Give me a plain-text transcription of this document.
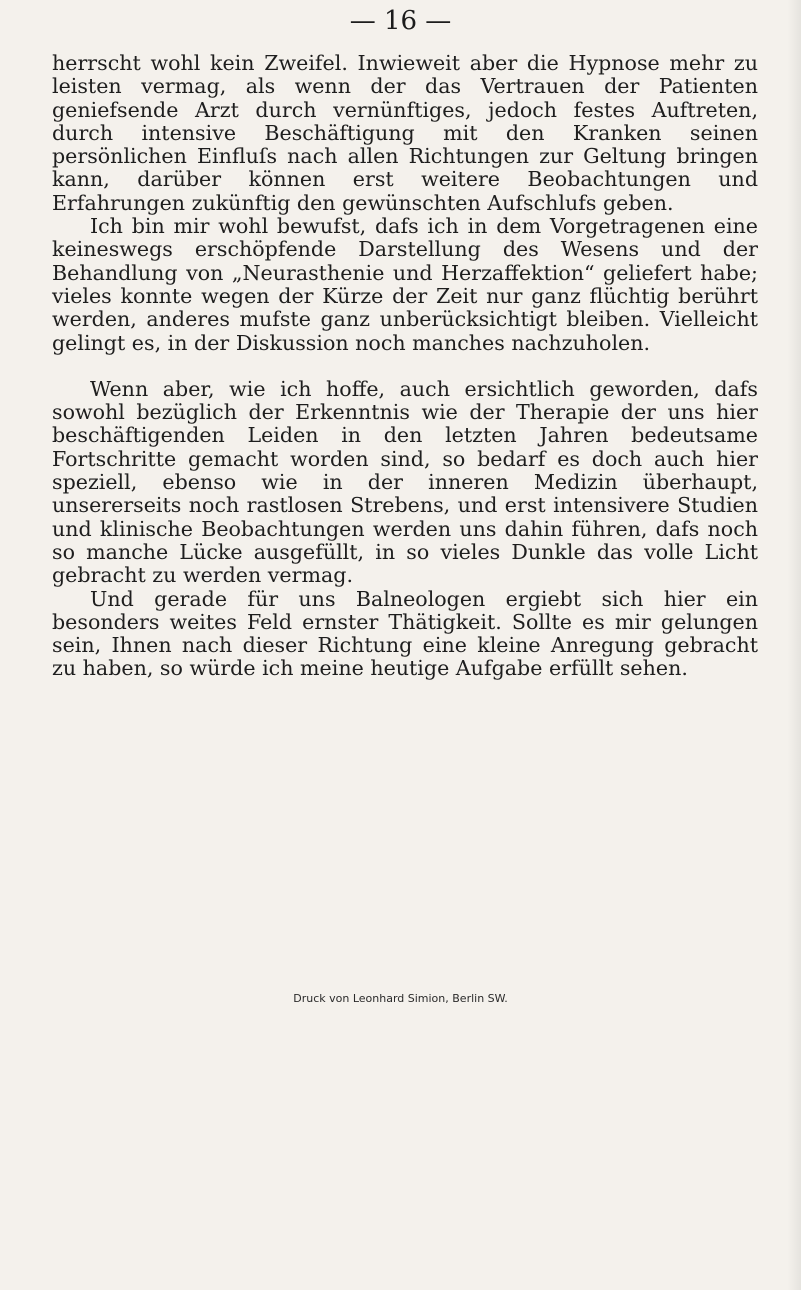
— 16 —

herrscht wohl kein Zweifel. Inwieweit aber die Hypnose mehr zu leisten vermag, als wenn der das Vertrauen der Patienten geniefsende Arzt durch vernünftiges, jedoch festes Auftreten, durch intensive Beschäftigung mit den Kranken seinen persönlichen Einfluſs nach allen Richtungen zur Geltung bringen kann, darüber können erst weitere Beobachtungen und Erfahrungen zukünftig den gewünschten Aufschlufs geben.

Ich bin mir wohl bewufst, dafs ich in dem Vorgetragenen eine keineswegs erschöpfende Darstellung des Wesens und der Behandlung von „Neurasthenie und Herzaffektion“ geliefert habe; vieles konnte wegen der Kürze der Zeit nur ganz flüchtig berührt werden, anderes mufste ganz unberücksichtigt bleiben. Vielleicht gelingt es, in der Diskussion noch manches nachzuholen.

Wenn aber, wie ich hoffe, auch ersichtlich geworden, dafs sowohl bezüglich der Erkenntnis wie der Therapie der uns hier beschäftigenden Leiden in den letzten Jahren bedeutsame Fortschritte gemacht worden sind, so bedarf es doch auch hier speziell, ebenso wie in der inneren Medizin überhaupt, unsererseits noch rastlosen Strebens, und erst intensivere Studien und klinische Beobachtungen werden uns dahin führen, dafs noch so manche Lücke ausgefüllt, in so vieles Dunkle das volle Licht gebracht zu werden vermag.

Und gerade für uns Balneologen ergiebt sich hier ein besonders weites Feld ernster Thätigkeit. Sollte es mir gelungen sein, Ihnen nach dieser Richtung eine kleine Anregung gebracht zu haben, so würde ich meine heutige Aufgabe erfüllt sehen.

Druck von Leonhard Simion, Berlin SW.
